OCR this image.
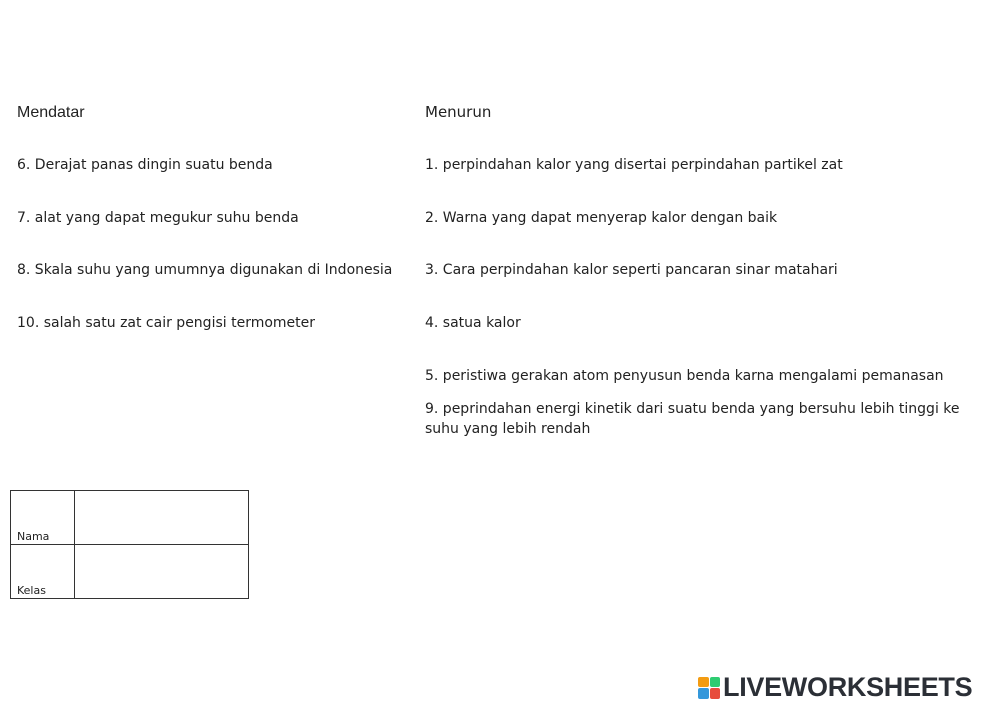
Mendatar
6. Derajat panas dingin suatu benda
7. alat yang dapat megukur suhu benda
8. Skala suhu yang umumnya digunakan di Indonesia
10. salah satu zat cair pengisi termometer
Menurun
1. perpindahan kalor yang disertai perpindahan partikel zat
2. Warna yang dapat menyerap kalor dengan baik
3. Cara perpindahan kalor seperti pancaran sinar matahari
4. satua kalor
5. peristiwa gerakan atom penyusun benda karna mengalami pemanasan
9. peprindahan energi kinetik dari suatu benda yang bersuhu lebih tinggi ke suhu yang lebih rendah
Nama	
Kelas	
LIVEWORKSHEETS
